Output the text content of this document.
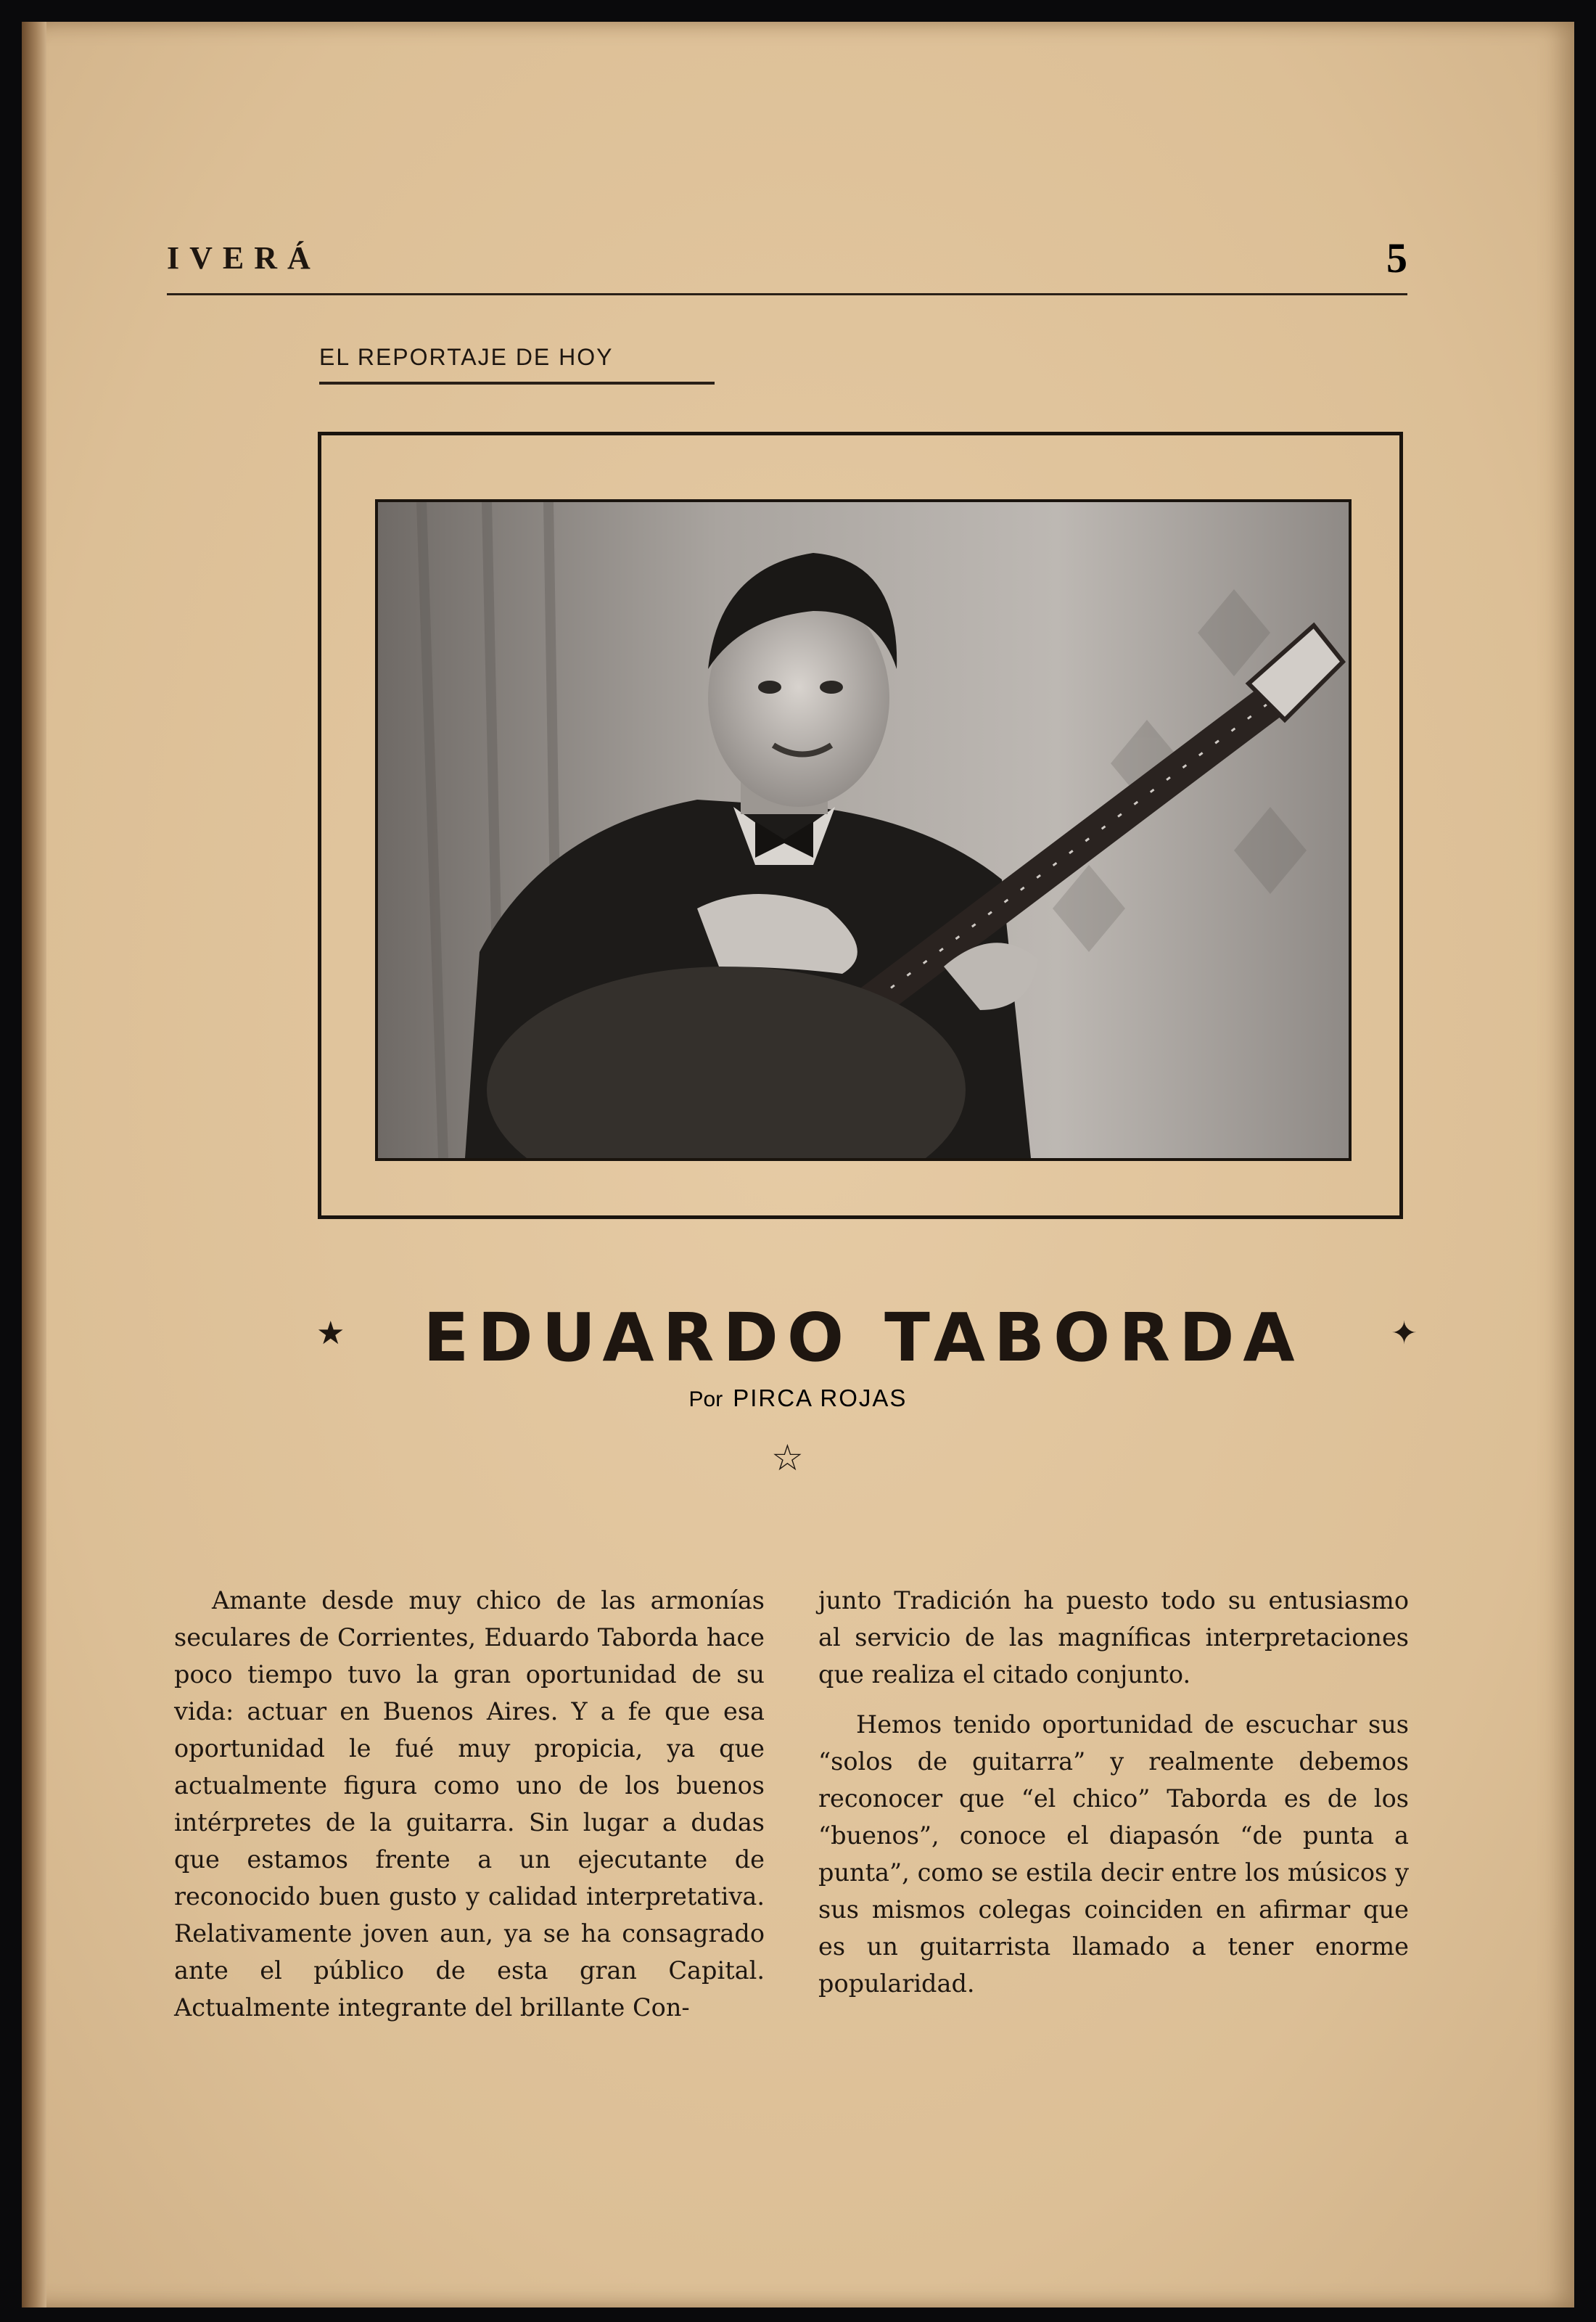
IVERÁ	5
EL REPORTAJE DE HOY
★	EDUARDO TABORDA	✦
Por PIRCA ROJAS
☆

Amante desde muy chico de las armonías seculares de Corrientes, Eduardo Taborda hace poco tiempo tuvo la gran oportunidad de su vida: actuar en Buenos Aires. Y a fe que esa oportunidad le fué muy propicia, ya que actualmente figura como uno de los buenos intérpretes de la guitarra. Sin lugar a dudas que estamos frente a un ejecutante de reconocido buen gusto y calidad interpretativa. Relativamente joven aun, ya se ha consagrado ante el público de esta gran Capital. Actualmente integrante del brillante Con-

junto Tradición ha puesto todo su entusiasmo al servicio de las magníficas interpretaciones que realiza el citado conjunto.

Hemos tenido oportunidad de escuchar sus “solos de guitarra” y realmente debemos reconocer que “el chico” Taborda es de los “buenos”, conoce el diapasón “de punta a punta”, como se estila decir entre los músicos y sus mismos colegas coinciden en afirmar que es un guitarrista llamado a tener enorme popularidad.
